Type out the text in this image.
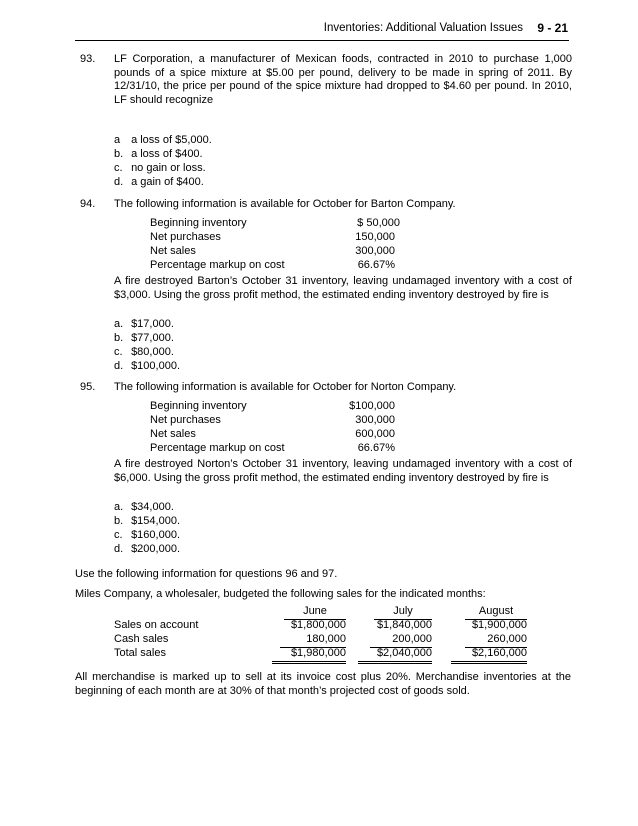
Inventories: Additional Valuation Issues 9 - 21
93. LF Corporation, a manufacturer of Mexican foods, contracted in 2010 to purchase 1,000 pounds of a spice mixture at $5.00 per pound, delivery to be made in spring of 2011. By 12/31/10, the price per pound of the spice mixture had dropped to $4.60 per pound. In 2010, LF should recognize
a a loss of $5,000.
b. a loss of $400.
c. no gain or loss.
d. a gain of $400.
94. The following information is available for October for Barton Company.
Beginning inventory	$ 50,000
Net purchases	150,000
Net sales	300,000
Percentage markup on cost	66.67%
A fire destroyed Barton’s October 31 inventory, leaving undamaged inventory with a cost of $3,000. Using the gross profit method, the estimated ending inventory destroyed by fire is
a. $17,000.
b. $77,000.
c. $80,000.
d. $100,000.
95. The following information is available for October for Norton Company.
Beginning inventory	$100,000
Net purchases	300,000
Net sales	600,000
Percentage markup on cost	66.67%
A fire destroyed Norton’s October 31 inventory, leaving undamaged inventory with a cost of $6,000. Using the gross profit method, the estimated ending inventory destroyed by fire is
a. $34,000.
b. $154,000.
c. $160,000.
d. $200,000.
Use the following information for questions 96 and 97.
Miles Company, a wholesaler, budgeted the following sales for the indicated months:
June	July	August
Sales on account	$1,800,000	$1,840,000	$1,900,000
Cash sales	180,000	200,000	260,000
Total sales	$1,980,000	$2,040,000	$2,160,000
All merchandise is marked up to sell at its invoice cost plus 20%. Merchandise inventories at the beginning of each month are at 30% of that month’s projected cost of goods sold.
